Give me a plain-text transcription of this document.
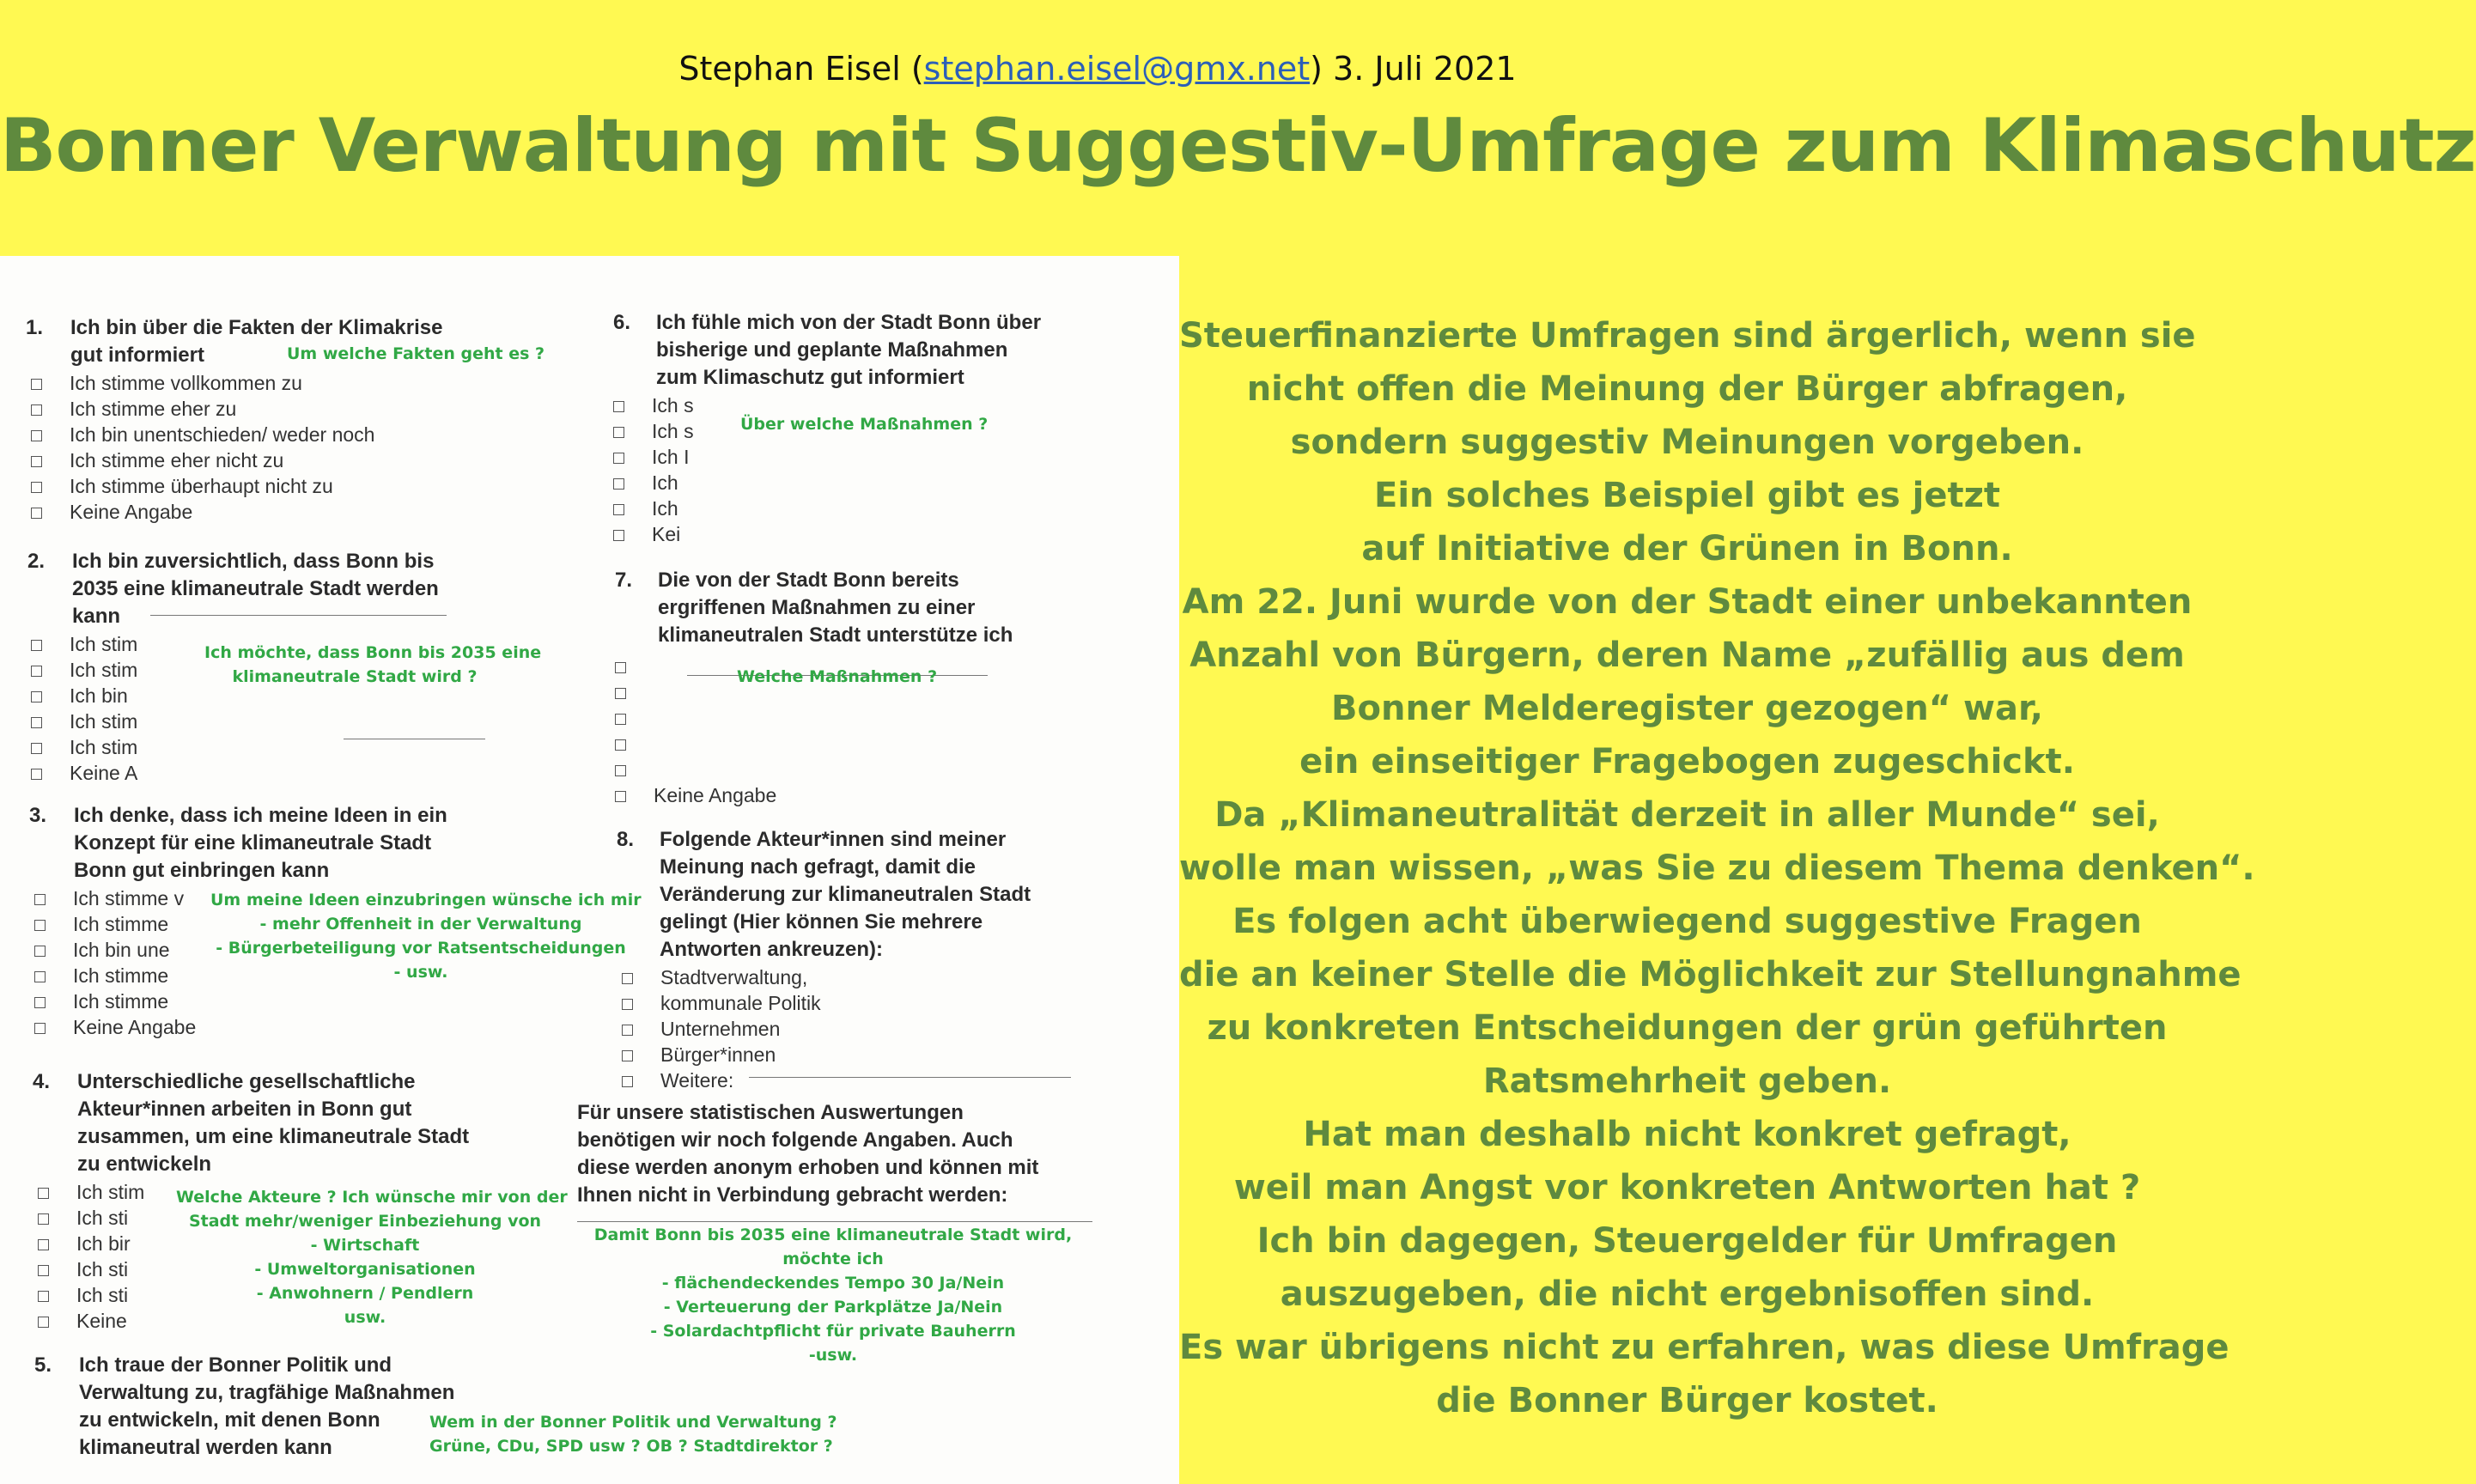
Stephan Eisel (stephan.eisel@gmx.net) 3. Juli 2021
Bonner Verwaltung mit Suggestiv-Umfrage zum Klimaschutz
1. Ich bin über die Fakten der Klimakrise
gut informiert
Ich stimme vollkommen zu
Ich stimme eher zu
Ich bin unentschieden/ weder noch
Ich stimme eher nicht zu
Ich stimme überhaupt nicht zu
Keine Angabe
Um welche Fakten geht es ?
2. Ich bin zuversichtlich, dass Bonn bis
2035 eine klimaneutrale Stadt werden
kann
Ich stim
Ich stim
Ich bin
Ich stim
Ich stim
Keine A
Ich möchte, dass Bonn bis 2035 eine
klimaneutrale Stadt wird ?
3. Ich denke, dass ich meine Ideen in ein
Konzept für eine klimaneutrale Stadt
Bonn gut einbringen kann
Ich stimme v
Ich stimme
Ich bin une
Ich stimme
Ich stimme
Keine Angabe
Um meine Ideen einzubringen wünsche ich mir
- mehr Offenheit in der Verwaltung
- Bürgerbeteiligung vor Ratsentscheidungen
- usw.
4. Unterschiedliche gesellschaftliche
Akteur*innen arbeiten in Bonn gut
zusammen, um eine klimaneutrale Stadt
zu entwickeln
Ich stim
Ich sti
Ich bir
Ich sti
Ich sti
Keine
Welche Akteure ? Ich wünsche mir von der
Stadt mehr/weniger Einbeziehung von
- Wirtschaft
- Umweltorganisationen
- Anwohnern / Pendlern
usw.
5. Ich traue der Bonner Politik und
Verwaltung zu, tragfähige Maßnahmen
zu entwickeln, mit denen Bonn
klimaneutral werden kann
Wem in der Bonner Politik und Verwaltung ?
Grüne, CDu, SPD usw ? OB ? Stadtdirektor ?
6. Ich fühle mich von der Stadt Bonn über
bisherige und geplante Maßnahmen
zum Klimaschutz gut informiert
Ich s
Ich s
Ich I
Ich
Ich
Kei
Über welche Maßnahmen ?
7. Die von der Stadt Bonn bereits
ergriffenen Maßnahmen zu einer
klimaneutralen Stadt unterstütze ich
Keine Angabe
Welche Maßnahmen ?
8. Folgende Akteur*innen sind meiner
Meinung nach gefragt, damit die
Veränderung zur klimaneutralen Stadt
gelingt (Hier können Sie mehrere
Antworten ankreuzen):
Stadtverwaltung,
kommunale Politik
Unternehmen
Bürger*innen
Weitere:
Für unsere statistischen Auswertungen
benötigen wir noch folgende Angaben. Auch
diese werden anonym erhoben und können mit
Ihnen nicht in Verbindung gebracht werden:
Damit Bonn bis 2035 eine klimaneutrale Stadt wird,
möchte ich
- flächendeckendes Tempo 30 Ja/Nein
- Verteuerung der Parkplätze Ja/Nein
- Solardachtpflicht für private Bauherrn
-usw.
Steuerfinanzierte Umfragen sind ärgerlich, wenn sie
nicht offen die Meinung der Bürger abfragen,
sondern suggestiv Meinungen vorgeben.
Ein solches Beispiel gibt es jetzt
auf Initiative der Grünen in Bonn.
Am 22. Juni wurde von der Stadt einer unbekannten
Anzahl von Bürgern, deren Name „zufällig aus dem
Bonner Melderegister gezogen“ war,
ein einseitiger Fragebogen zugeschickt.
Da „Klimaneutralität derzeit in aller Munde“ sei,
wolle man wissen, „was Sie zu diesem Thema denken“.
Es folgen acht überwiegend suggestive Fragen
die an keiner Stelle die Möglichkeit zur Stellungnahme
zu konkreten Entscheidungen der grün geführten
Ratsmehrheit geben.
Hat man deshalb nicht konkret gefragt,
weil man Angst vor konkreten Antworten hat ?
Ich bin dagegen, Steuergelder für Umfragen
auszugeben, die nicht ergebnisoffen sind.
Es war übrigens nicht zu erfahren, was diese Umfrage
die Bonner Bürger kostet.
